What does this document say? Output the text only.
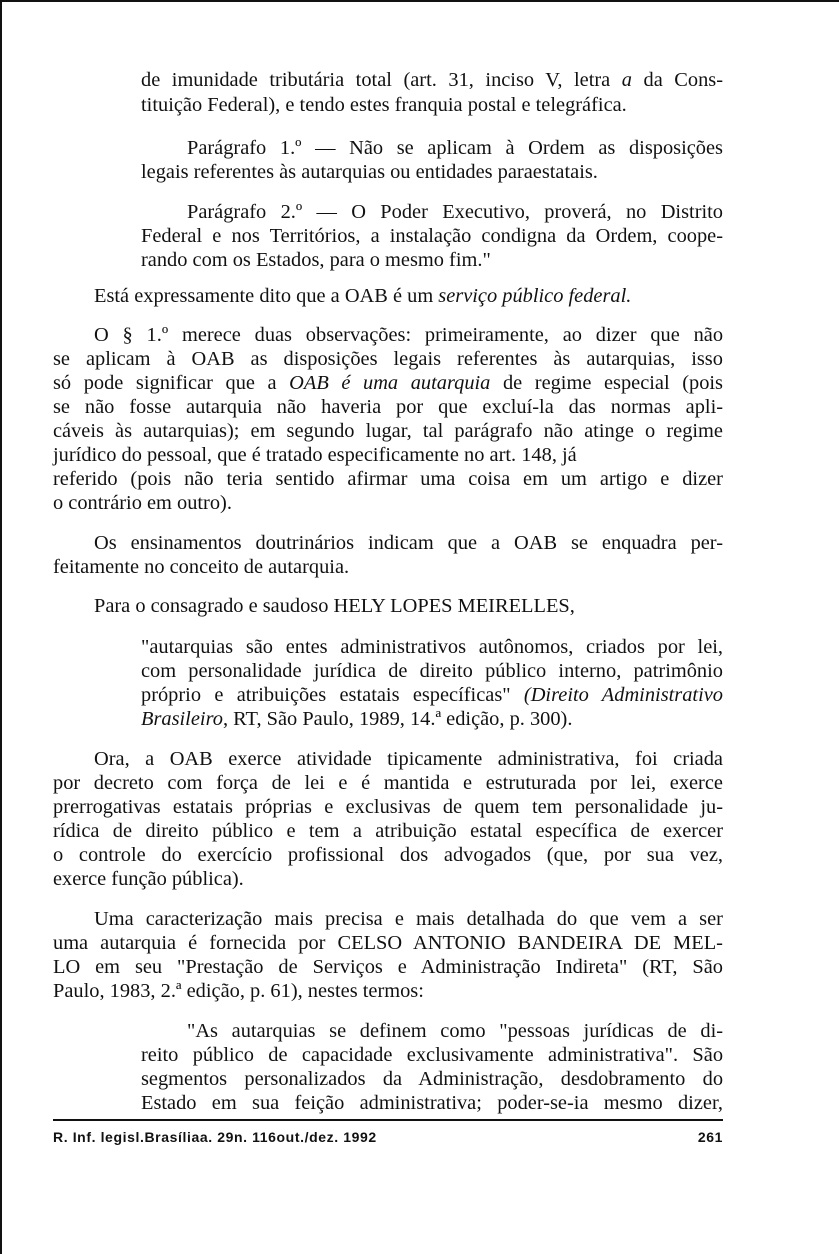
de imunidade tributária total (art. 31, inciso V, letra a da Cons-
tituição Federal), e tendo estes franquia postal e telegráfica.
Parágrafo 1.º — Não se aplicam à Ordem as disposições
legais referentes às autarquias ou entidades paraestatais.
Parágrafo 2.º — O Poder Executivo, proverá, no Distrito
Federal e nos Territórios, a instalação condigna da Ordem, coope-
rando com os Estados, para o mesmo fim."
Está expressamente dito que a OAB é um serviço público federal.
O § 1.º merece duas observações: primeiramente, ao dizer que não
se aplicam à OAB as disposições legais referentes às autarquias, isso
só pode significar que a OAB é uma autarquia de regime especial (pois
se não fosse autarquia não haveria por que excluí-la das normas apli-
cáveis às autarquias); em segundo lugar, tal parágrafo não atinge o regime
jurídico do pessoal, que é tratado especificamente no art. 148, já
referido (pois não teria sentido afirmar uma coisa em um artigo e dizer
o contrário em outro).
Os ensinamentos doutrinários indicam que a OAB se enquadra per-
feitamente no conceito de autarquia.
Para o consagrado e saudoso HELY LOPES MEIRELLES,
"autarquias são entes administrativos autônomos, criados por lei,
com personalidade jurídica de direito público interno, patrimônio
próprio e atribuições estatais específicas" (Direito Administrativo
Brasileiro, RT, São Paulo, 1989, 14.ª edição, p. 300).
Ora, a OAB exerce atividade tipicamente administrativa, foi criada
por decreto com força de lei e é mantida e estruturada por lei, exerce
prerrogativas estatais próprias e exclusivas de quem tem personalidade ju-
rídica de direito público e tem a atribuição estatal específica de exercer
o controle do exercício profissional dos advogados (que, por sua vez,
exerce função pública).
Uma caracterização mais precisa e mais detalhada do que vem a ser
uma autarquia é fornecida por CELSO ANTONIO BANDEIRA DE MEL-
LO em seu "Prestação de Serviços e Administração Indireta" (RT, São
Paulo, 1983, 2.ª edição, p. 61), nestes termos:
"As autarquias se definem como "pessoas jurídicas de di-
reito público de capacidade exclusivamente administrativa". São
segmentos personalizados da Administração, desdobramento do
Estado em sua feição administrativa; poder-se-ia mesmo dizer,
R. Inf. legisl. Brasília a. 29 n. 116 out./dez. 1992	261
